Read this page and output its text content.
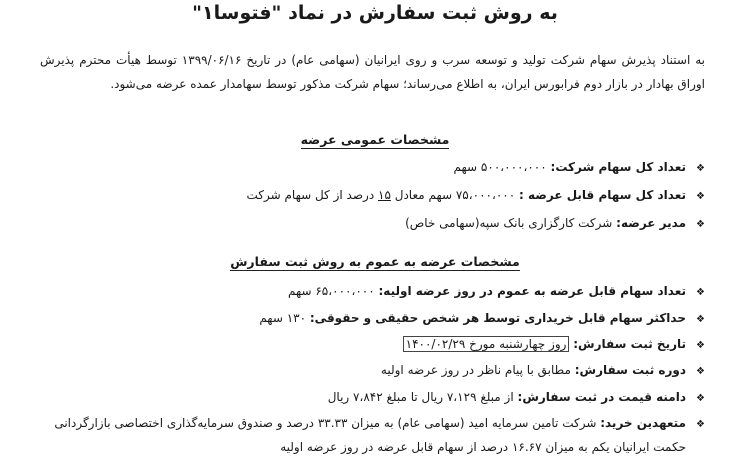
به روش ثبت سفارش در نماد "فتوسا۱"
به استناد پذیرش سهام شرکت تولید و توسعه سرب و روی ایرانیان (سهامی عام) در تاریخ ۱۳۹۹/۰۶/۱۶ توسط هیأت محترم پذیرش اوراق بهادار در بازار دوم فرابورس ایران، به اطلاع می‌رساند؛ سهام شرکت مذکور توسط سهامدار عمده عرضه می‌شود.
مشخصات عمومی عرضه
❖تعداد کل سهام شرکت: ۵۰۰،۰۰۰،۰۰۰ سهم
❖تعداد کل سهام قابل عرضه : ۷۵،۰۰۰،۰۰۰ سهم معادل ۱۵ درصد از کل سهام شرکت
❖مدیر عرضه: شرکت کارگزاری بانک سپه(سهامی خاص)
مشخصات عرضه به عموم به روش ثبت سفارش
❖تعداد سهام قابل عرضه به عموم در روز عرضه اولیه: ۶۵،۰۰۰،۰۰۰ سهم
❖حداکثر سهام قابل خریداری توسط هر شخص حقیقی و حقوقی: ۱۳۰ سهم
❖تاریخ ثبت سفارش: روز چهارشنبه مورخ ۱۴۰۰/۰۲/۲۹
❖دوره ثبت سفارش: مطابق با پیام ناظر در روز عرضه اولیه
❖دامنه قیمت در ثبت سفارش: از مبلغ ۷،۱۲۹ ریال تا مبلغ ۷،۸۴۲ ریال
❖متعهدین خرید: شرکت تامین سرمایه امید (سهامی عام) به میزان ۳۳.۳۳ درصد و صندوق سرمایه‌گذاری اختصاصی بازارگردانی
حکمت ایرانیان یکم به میزان ۱۶.۶۷ درصد از سهام قابل عرضه در روز عرضه اولیه
